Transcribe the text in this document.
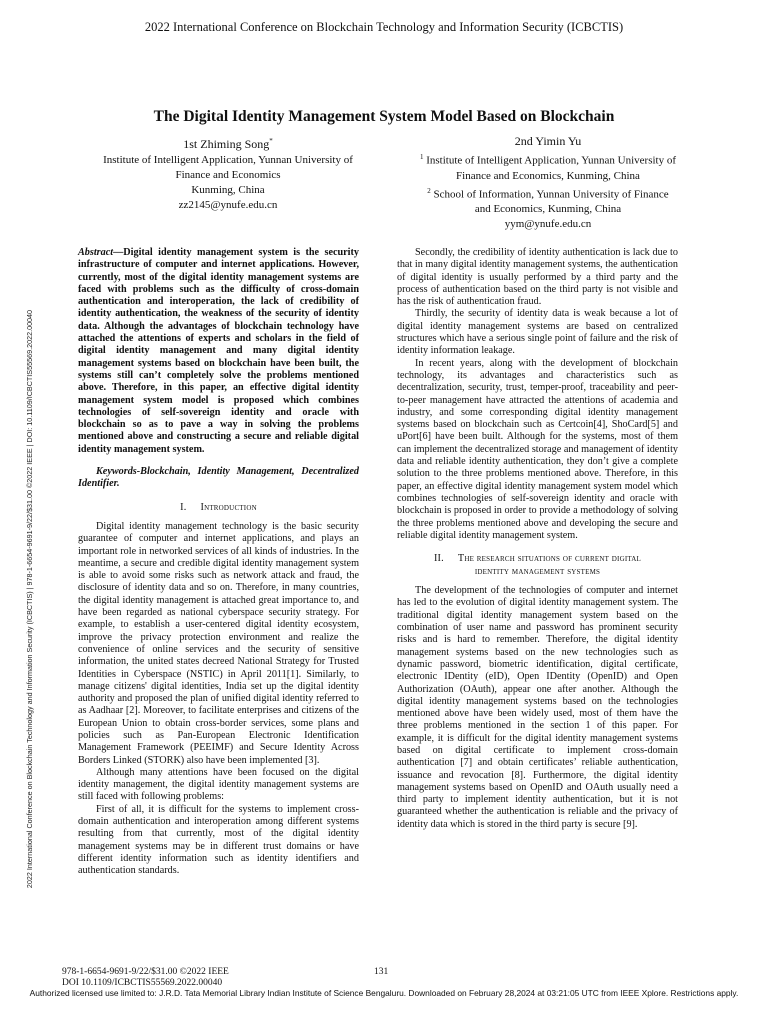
2022 International Conference on Blockchain Technology and Information Security (ICBCTIS)
The Digital Identity Management System Model Based on Blockchain
1st Zhiming Song*
Institute of Intelligent Application, Yunnan University of
Finance and Economics
Kunming, China
zz2145@ynufe.edu.cn
2nd Yimin Yu
$^1$ Institute of Intelligent Application, Yunnan University of
Finance and Economics, Kunming, China
$^2$ School of Information, Yunnan University of Finance
and Economics, Kunming, China
yym@ynufe.edu.cn
2022 International Conference on Blockchain Technology and Information Security (ICBCTIS) | 978-1-6654-9691-9/22/$31.00 ©2022 IEEE | DOI: 10.1109/ICBCTIS55569.2022.00040

Abstract—Digital identity management system is the security infrastructure of computer and internet applications. However, currently, most of the digital identity management systems are faced with problems such as the difficulty of cross-domain authentication and interoperation, the lack of credibility of identity authentication, the weakness of the security of identity data. Although the advantages of blockchain technology have attached the attentions of experts and scholars in the field of digital identity management and many digital identity management systems based on blockchain have been built, the systems still can’t completely solve the problems mentioned above. Therefore, in this paper, an effective digital identity management system model is proposed which combines technologies of self-sovereign identity and oracle with blockchain so as to pave a way in solving the problems mentioned above and constructing a secure and reliable digital identity management system.

Keywords-Blockchain, Identity Management, Decentralized Identifier.

I. Introduction

Digital identity management technology is the basic security guarantee of computer and internet applications, and plays an important role in networked services of all kinds of industries. In the meantime, a secure and credible digital identity management system is able to avoid some risks such as network attack and fraud, the disclosure of identity data and so on. Therefore, in many countries, the digital identity management is attached great importance to, and have been regarded as national cyberspace security strategy. For example, to establish a user-centered digital identity ecosystem, improve the privacy protection environment and realize the convenience of online services and the security of sensitive information, the united states decreed National Strategy for Trusted Identities in Cyberspace (NSTIC) in April 2011[1]. Similarly, to manage citizens' digital identities, India set up the digital identity authority and proposed the plan of unified digital identity referred to as Aadhaar [2]. Moreover, to facilitate enterprises and citizens of the European Union to obtain cross-border services, some plans and policies such as Pan-European Electronic Identification Management Framework (PEEIMF) and Secure Identity Across Borders Linked (STORK) also have been implemented [3].

Although many attentions have been focused on the digital identity management, the digital identity management systems are still faced with following problems:

First of all, it is difficult for the systems to implement cross-domain authentication and interoperation among different systems resulting from that currently, most of the digital identity management systems may be in different trust domains or have different identity information such as identity identifiers and authentication standards.

Secondly, the credibility of identity authentication is lack due to that in many digital identity management systems, the authentication of digital identity is usually performed by a third party and the process of authentication based on the third party is not visible and has the risk of authentication fraud.

Thirdly, the security of identity data is weak because a lot of digital identity management systems are based on centralized structures which have a serious single point of failure and the risk of identity information leakage.

In recent years, along with the development of blockchain technology, its advantages and characteristics such as decentralization, security, trust, temper-proof, traceability and peer-to-peer management have attracted the attentions of academia and industry, and some corresponding digital identity management systems based on blockchain such as Certcoin[4], ShoCard[5] and uPort[6] have been built. Although for the systems, most of them can implement the decentralized storage and management of identity data and reliable identity authentication, they don’t give a complete solution to the three problems mentioned above. Therefore, in this paper, an effective digital identity management system model which combines technologies of self-sovereign identity and oracle with blockchain is proposed in order to provide a methodology of solving the three problems mentioned above and developing the secure and reliable digital identity management system.

II. The research situations of current digital
identity management systems

The development of the technologies of computer and internet has led to the evolution of digital identity management system. The traditional digital identity management system based on the combination of user name and password has prominent security risks and is hard to remember. Therefore, the digital identity management systems based on the new technologies such as dynamic password, biometric identification, digital certificate, electronic IDentity (eID), Open IDentity (OpenID) and Open Authorization (OAuth), appear one after another. Although the digital identity management systems based on the technologies mentioned above have been widely used, most of them have the three problems mentioned in the section 1 of this paper. For example, it is difficult for the digital identity management systems based on digital certificate to implement cross-domain authentication [7] and obtain certificates’ reliable authentication, issuance and revocation [8]. Furthermore, the digital identity management systems based on OpenID and OAuth usually need a third party to implement identity authentication, but it is not guaranteed whether the authentication is reliable and the privacy of identity data which is stored in the third party is secure [9].

978-1-6654-9691-9/22/$31.00 ©2022 IEEE
DOI 10.1109/ICBCTIS55569.2022.00040
131
Authorized licensed use limited to: J.R.D. Tata Memorial Library Indian Institute of Science Bengaluru. Downloaded on February 28,2024 at 03:21:05 UTC from IEEE Xplore. Restrictions apply.
